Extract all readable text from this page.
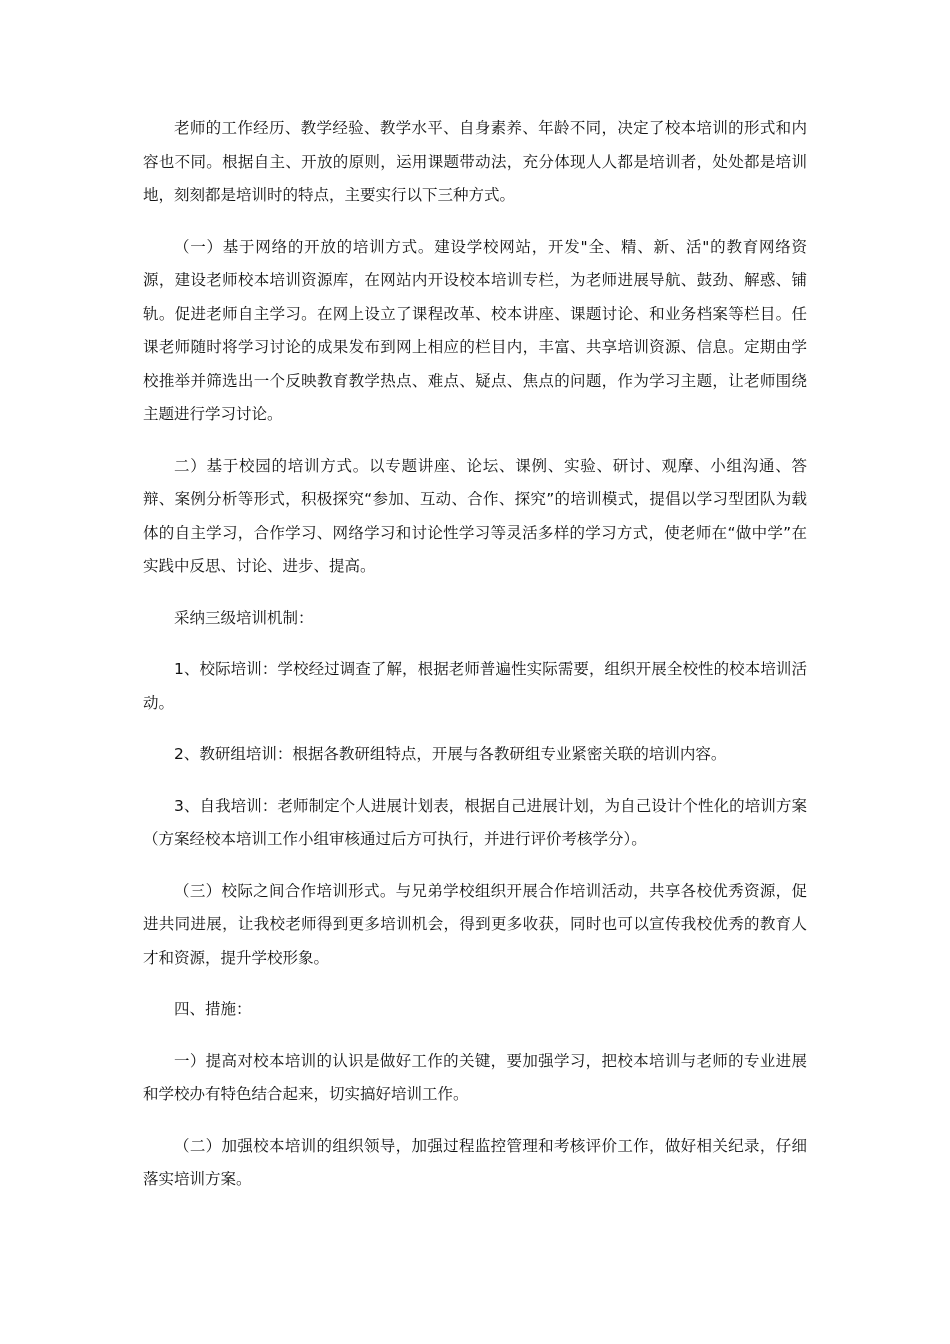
老师的工作经历、教学经验、教学水平、自身素养、年龄不同，决定了校本培训的形式和内容也不同。根据自主、开放的原则，运用课题带动法，充分体现人人都是培训者，处处都是培训地，刻刻都是培训时的特点，主要实行以下三种方式。

（一）基于网络的开放的培训方式。建设学校网站，开发"全、精、新、活"的教育网络资源，建设老师校本培训资源库，在网站内开设校本培训专栏，为老师进展导航、鼓劲、解惑、铺轨。促进老师自主学习。在网上设立了课程改革、校本讲座、课题讨论、和业务档案等栏目。任课老师随时将学习讨论的成果发布到网上相应的栏目内，丰富、共享培训资源、信息。定期由学校推举并筛选出一个反映教育教学热点、难点、疑点、焦点的问题，作为学习主题，让老师围绕主题进行学习讨论。

二）基于校园的培训方式。以专题讲座、论坛、课例、实验、研讨、观摩、小组沟通、答辩、案例分析等形式，积极探究“参加、互动、合作、探究”的培训模式，提倡以学习型团队为载体的自主学习，合作学习、网络学习和讨论性学习等灵活多样的学习方式，使老师在“做中学”在实践中反思、讨论、进步、提高。

采纳三级培训机制：

1、校际培训：学校经过调查了解，根据老师普遍性实际需要，组织开展全校性的校本培训活动。

2、教研组培训：根据各教研组特点，开展与各教研组专业紧密关联的培训内容。

3、自我培训：老师制定个人进展计划表，根据自己进展计划，为自己设计个性化的培训方案（方案经校本培训工作小组审核通过后方可执行，并进行评价考核学分）。

（三）校际之间合作培训形式。与兄弟学校组织开展合作培训活动，共享各校优秀资源，促进共同进展，让我校老师得到更多培训机会，得到更多收获，同时也可以宣传我校优秀的教育人才和资源，提升学校形象。

四、措施：

一）提高对校本培训的认识是做好工作的关键，要加强学习，把校本培训与老师的专业进展和学校办有特色结合起来，切实搞好培训工作。

（二）加强校本培训的组织领导，加强过程监控管理和考核评价工作，做好相关纪录，仔细落实培训方案。
